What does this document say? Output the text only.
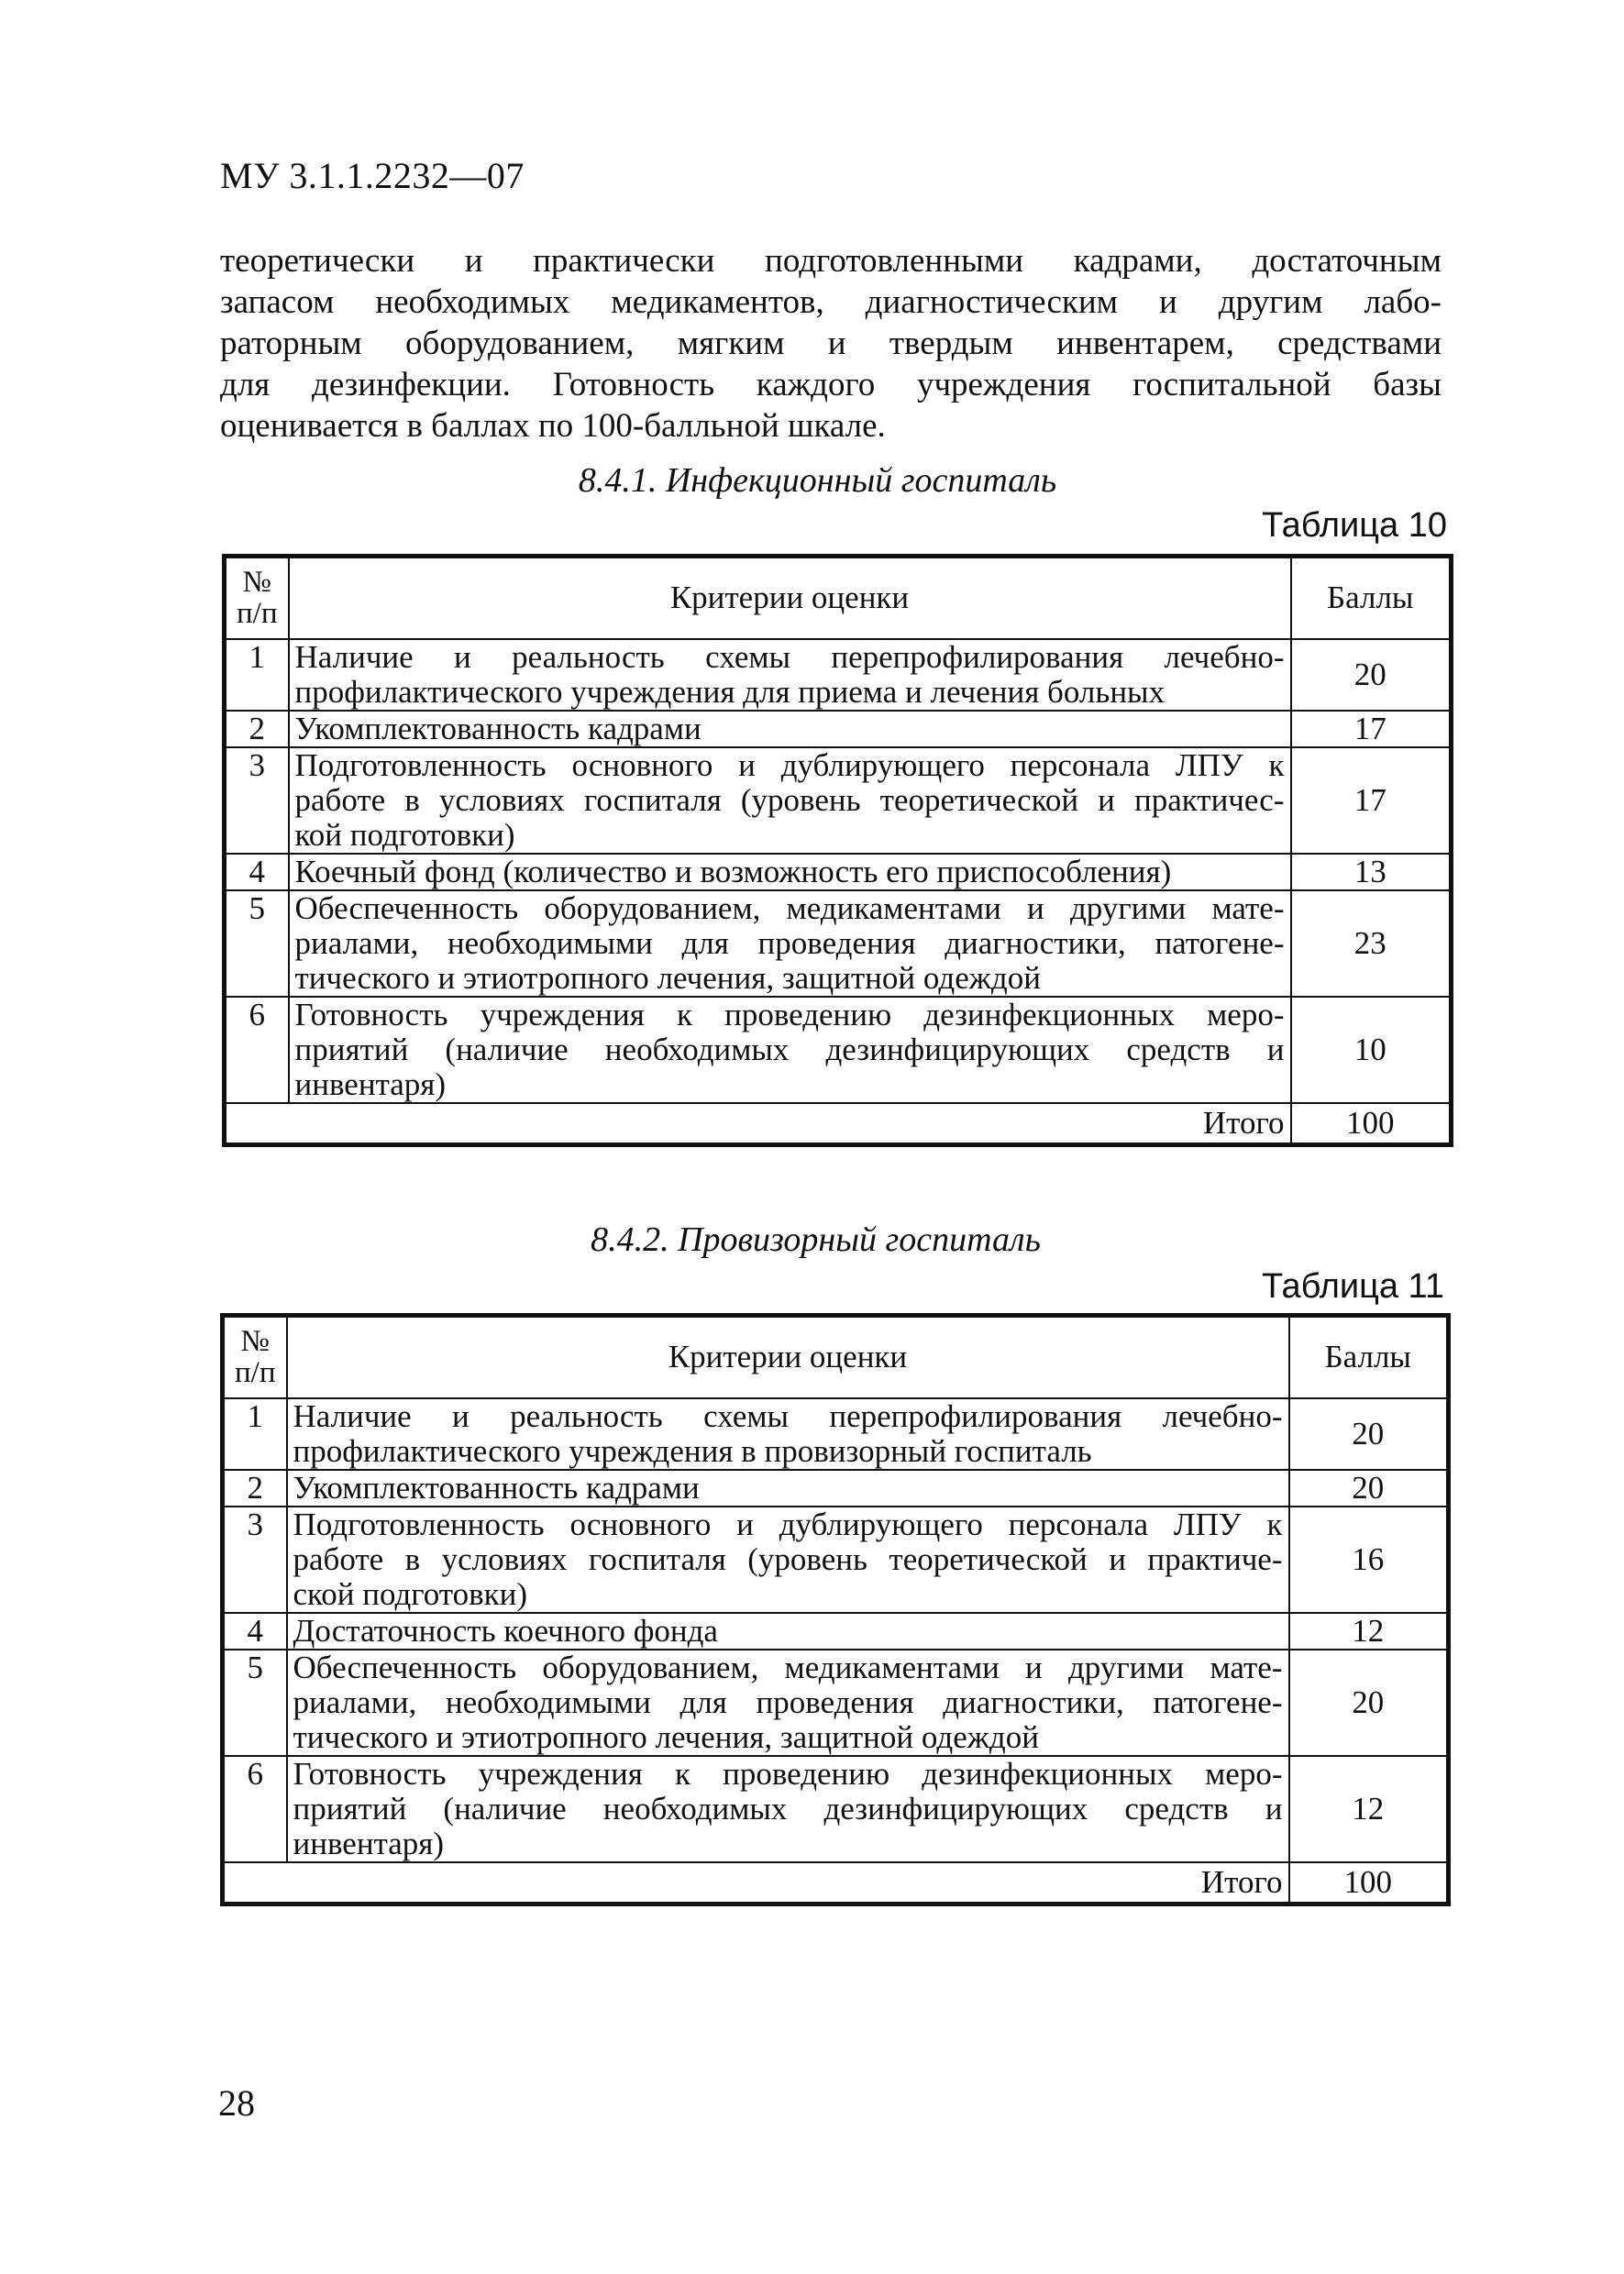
МУ 3.1.1.2232—07
теоретически и практически подготовленными кадрами, достаточным
запасом необходимых медикаментов, диагностическим и другим лабо-
раторным оборудованием, мягким и твердым инвентарем, средствами
для дезинфекции. Готовность каждого учреждения госпитальной базы
оценивается в баллах по 100-балльной шкале.
8.4.1. Инфекционный госпиталь
Таблица 10
№ п/п	Критерии оценки	Баллы
1	Наличие и реальность схемы перепрофилирования лечебно-
профилактического учреждения для приема и лечения больных	20
2	Укомплектованность кадрами	17
3	Подготовленность основного и дублирующего персонала ЛПУ к
работе в условиях госпиталя (уровень теоретической и практичес-
кой подготовки)	17
4	Коечный фонд (количество и возможность его приспособления)	13
5	Обеспеченность оборудованием, медикаментами и другими мате-
риалами, необходимыми для проведения диагностики, патогене-
тического и этиотропного лечения, защитной одеждой	23
6	Готовность учреждения к проведению дезинфекционных меро-
приятий (наличие необходимых дезинфицирующих средств и
инвентаря)	10
Итого		100
8.4.2. Провизорный госпиталь
Таблица 11
№ п/п	Критерии оценки	Баллы
1	Наличие и реальность схемы перепрофилирования лечебно-
профилактического учреждения в провизорный госпиталь	20
2	Укомплектованность кадрами	20
3	Подготовленность основного и дублирующего персонала ЛПУ к
работе в условиях госпиталя (уровень теоретической и практиче-
ской подготовки)	16
4	Достаточность коечного фонда	12
5	Обеспеченность оборудованием, медикаментами и другими мате-
риалами, необходимыми для проведения диагностики, патогене-
тического и этиотропного лечения, защитной одеждой	20
6	Готовность учреждения к проведению дезинфекционных меро-
приятий (наличие необходимых дезинфицирующих средств и
инвентаря)	12
Итого		100
28
